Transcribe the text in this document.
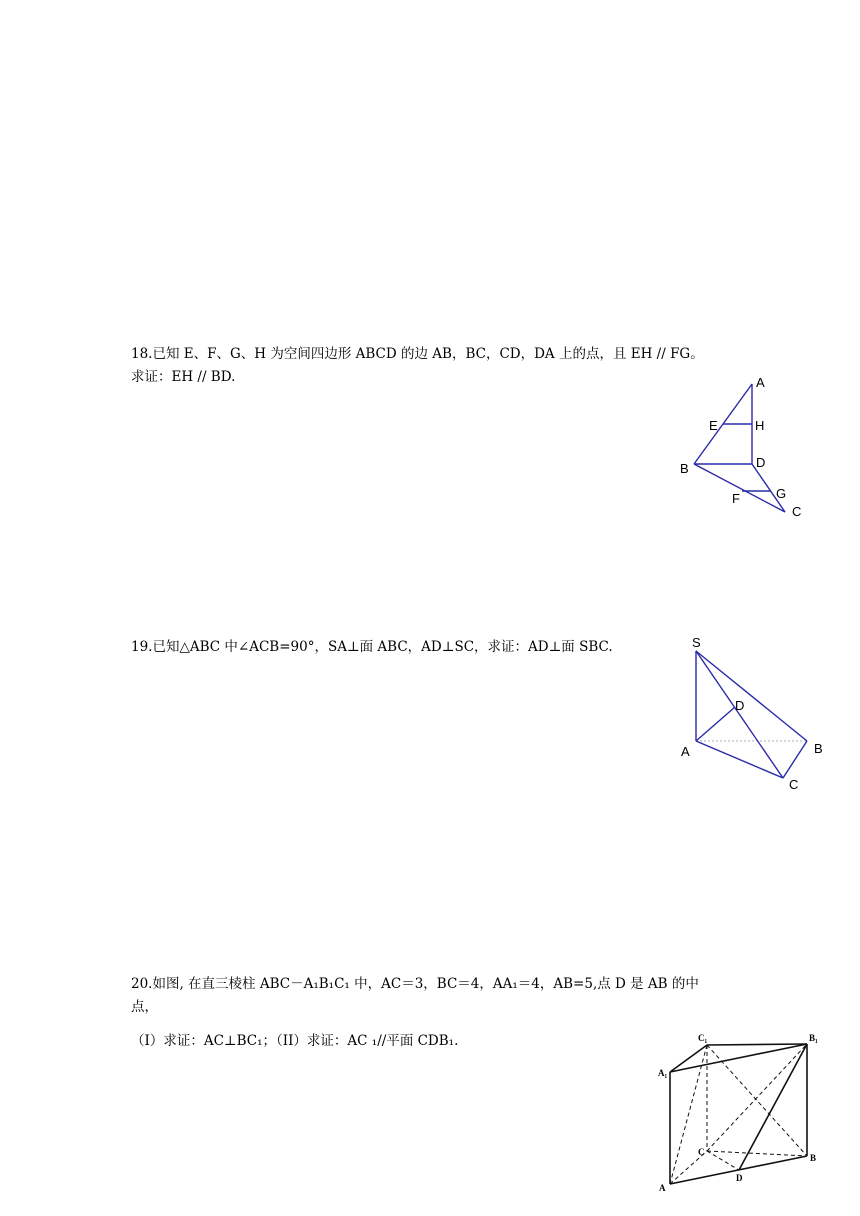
18.已知 E、F、G、H 为空间四边形 ABCD 的边 AB，BC，CD，DA 上的点，且 EH // FG。
求证：EH // BD.	A
E	H
B	D
F	G
C
19.已知△ABC 中∠ACB=90°，SA⊥面 ABC，AD⊥SC，求证：AD⊥面 SBC.	S
D
A	B
C
20.如图, 在直三棱柱 ABC－A₁B₁C₁ 中，AC＝3，BC＝4，AA₁＝4，AB=5,点 D 是 AB 的中
点，
（I）求证：AC⊥BC₁；（II）求证：AC ₁//平面 CDB₁.	C₁	B₁
A₁
C
B
A
D
